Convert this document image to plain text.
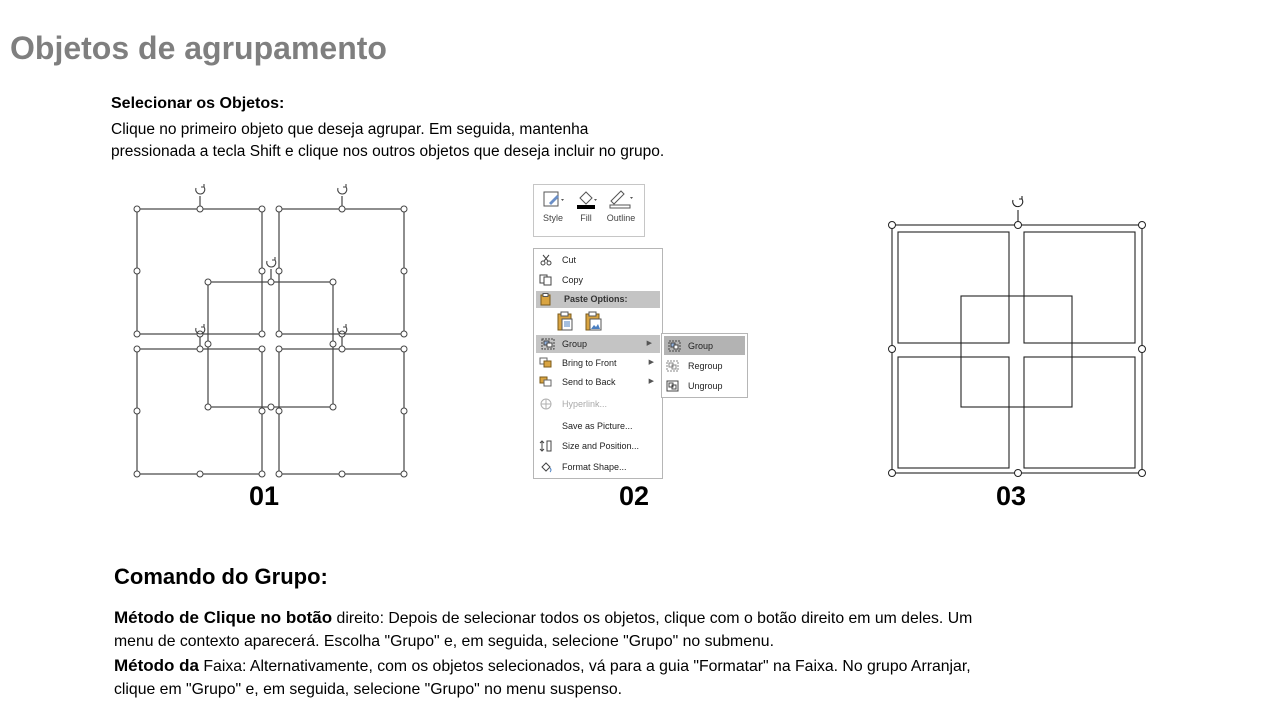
Objetos de agrupamento
Selecionar os Objetos:
Clique no primeiro objeto que deseja agrupar. Em seguida, mantenha
pressionada a tecla Shift e clique nos outros objetos que deseja incluir no grupo.
01
Style	Fill	Outline
Cut
Copy
Paste Options:
Group	▶
Bring to Front	▶
Send to Back	▶
Hyperlink...
Save as Picture...
Size and Position...
Format Shape...
Group
Regroup
Ungroup
02	03
Comando do Grupo:
Método de Clique no botão direito: Depois de selecionar todos os objetos, clique com o botão direito em um deles. Um
menu de contexto aparecerá. Escolha "Grupo" e, em seguida, selecione "Grupo" no submenu.
Método da Faixa: Alternativamente, com os objetos selecionados, vá para a guia "Formatar" na Faixa. No grupo Arranjar,
clique em "Grupo" e, em seguida, selecione "Grupo" no menu suspenso.
